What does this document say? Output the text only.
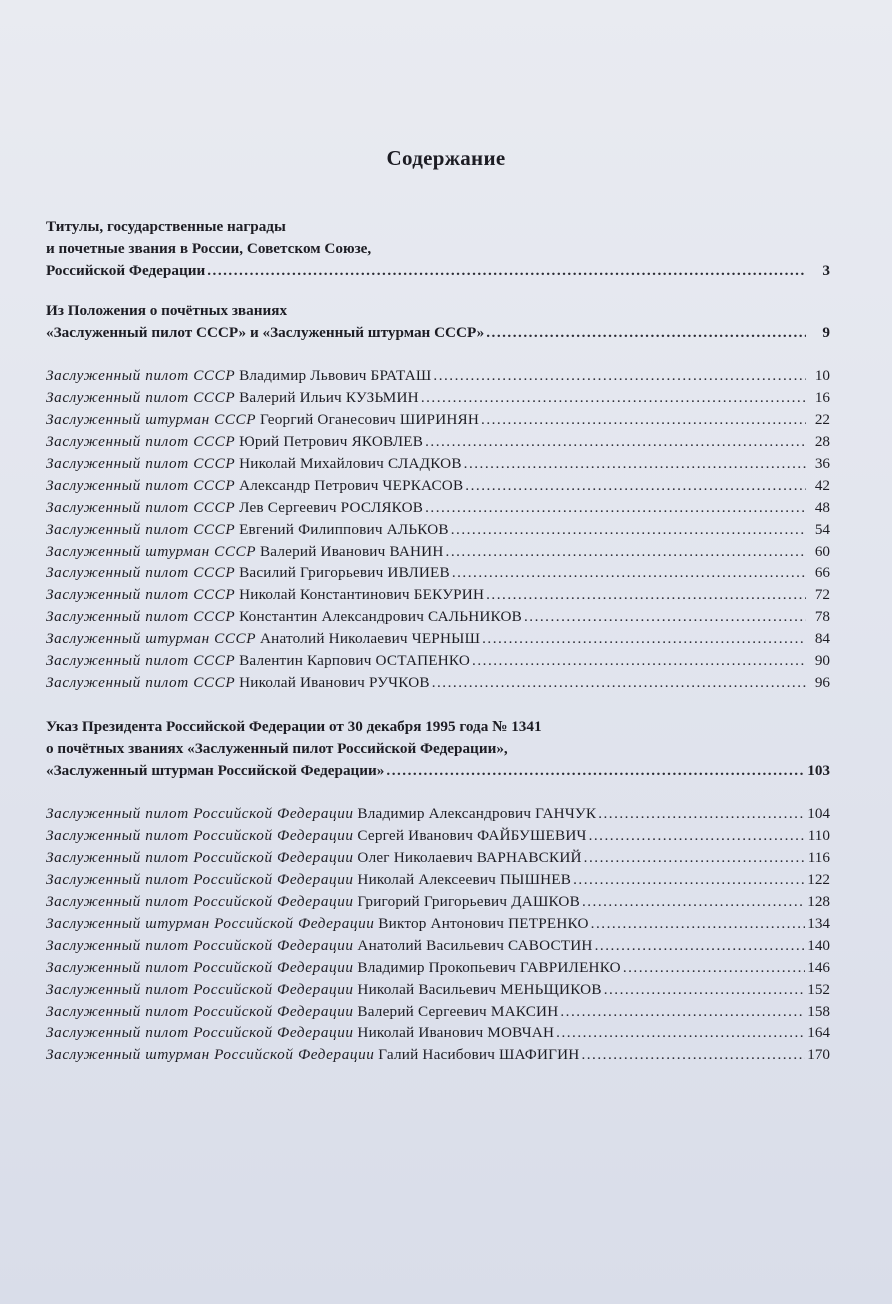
Содержание
Титулы, государственные награды
и почетные звания в России, Советском Союзе,
Российской Федерации .....	3
Из Положения о почётных званиях
«Заслуженный пилот СССР» и «Заслуженный штурман СССР» .....	9
Заслуженный пилот СССР Владимир Львович БРАТАШ .....	10
Заслуженный пилот СССР Валерий Ильич КУЗЬМИН .....	16
Заслуженный штурман СССР Георгий Оганесович ШИРИНЯН .....	22
Заслуженный пилот СССР Юрий Петрович ЯКОВЛЕВ .....	28
Заслуженный пилот СССР Николай Михайлович СЛАДКОВ .....	36
Заслуженный пилот СССР Александр Петрович ЧЕРКАСОВ .....	42
Заслуженный пилот СССР Лев Сергеевич РОСЛЯКОВ .....	48
Заслуженный пилот СССР Евгений Филиппович АЛЬКОВ .....	54
Заслуженный штурман СССР Валерий Иванович ВАНИН .....	60
Заслуженный пилот СССР Василий Григорьевич ИВЛИЕВ .....	66
Заслуженный пилот СССР Николай Константинович БЕКУРИН .....	72
Заслуженный пилот СССР Константин Александрович САЛЬНИКОВ .....	78
Заслуженный штурман СССР Анатолий Николаевич ЧЕРНЫШ .....	84
Заслуженный пилот СССР Валентин Карпович ОСТАПЕНКО .....	90
Заслуженный пилот СССР Николай Иванович РУЧКОВ .....	96
Указ Президента Российской Федерации от 30 декабря 1995 года № 1341
о почётных званиях «Заслуженный пилот Российской Федерации»,
«Заслуженный штурман Российской Федерации» .....	103
Заслуженный пилот Российской Федерации Владимир Александрович ГАНЧУК .....	104
Заслуженный пилот Российской Федерации Сергей Иванович ФАЙБУШЕВИЧ .....	110
Заслуженный пилот Российской Федерации Олег Николаевич ВАРНАВСКИЙ .....	116
Заслуженный пилот Российской Федерации Николай Алексеевич ПЫШНЕВ .....	122
Заслуженный пилот Российской Федерации Григорий Григорьевич ДАШКОВ .....	128
Заслуженный штурман Российской Федерации Виктор Антонович ПЕТРЕНКО .....	134
Заслуженный пилот Российской Федерации Анатолий Васильевич САВОСТИН .....	140
Заслуженный пилот Российской Федерации Владимир Прокопьевич ГАВРИЛЕНКО .....	146
Заслуженный пилот Российской Федерации Николай Васильевич МЕНЬЩИКОВ .....	152
Заслуженный пилот Российской Федерации Валерий Сергеевич МАКСИН .....	158
Заслуженный пилот Российской Федерации Николай Иванович МОВЧАН .....	164
Заслуженный штурман Российской Федерации Галий Насибович ШАФИГИН .....	170
